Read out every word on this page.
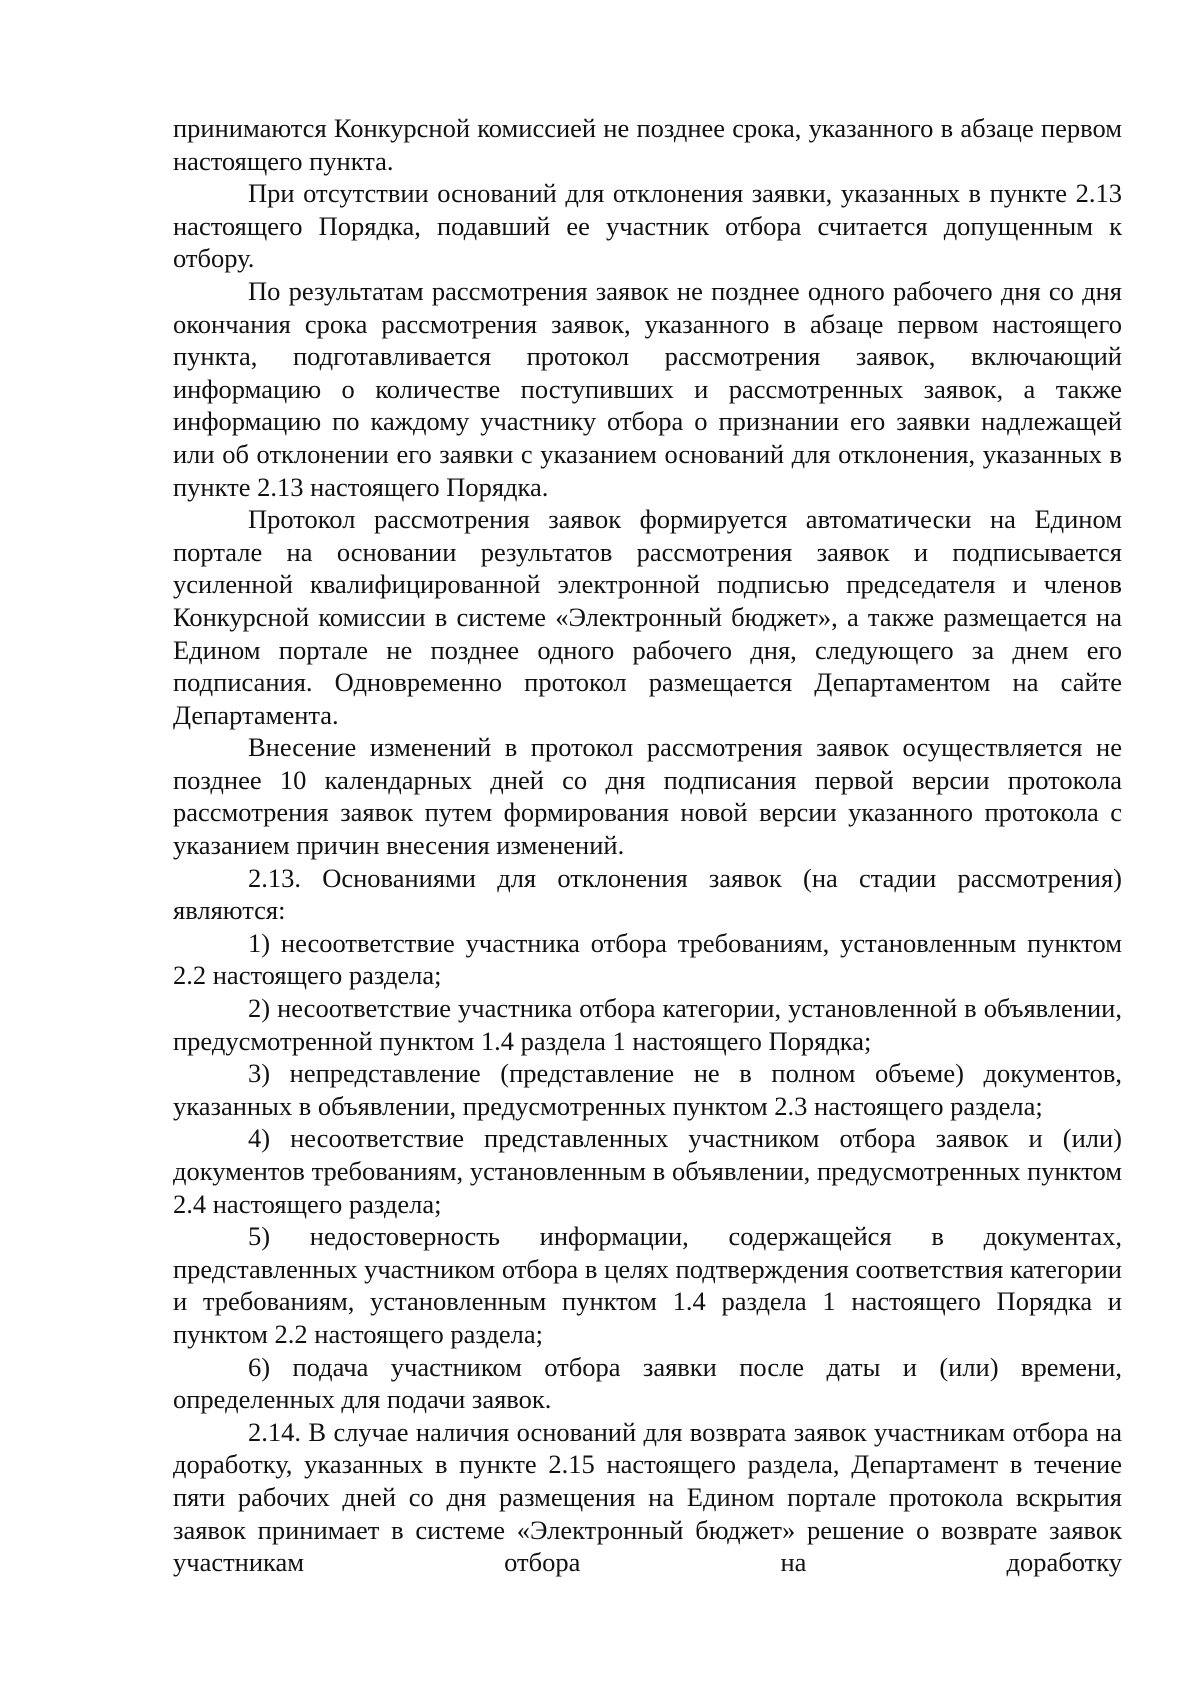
принимаются Конкурсной комиссией не позднее срока, указанного в абзаце первом настоящего пункта.

При отсутствии оснований для отклонения заявки, указанных в пункте 2.13 настоящего Порядка, подавший ее участник отбора считается допущенным к отбору.

По результатам рассмотрения заявок не позднее одного рабочего дня со дня окончания срока рассмотрения заявок, указанного в абзаце первом настоящего пункта, подготавливается протокол рассмотрения заявок, включающий информацию о количестве поступивших и рассмотренных заявок, а также информацию по каждому участнику отбора о признании его заявки надлежащей или об отклонении его заявки с указанием оснований для отклонения, указанных в пункте 2.13 настоящего Порядка.

Протокол рассмотрения заявок формируется автоматически на Едином портале на основании результатов рассмотрения заявок и подписывается усиленной квалифицированной электронной подписью председателя и членов Конкурсной комиссии в системе «Электронный бюджет», а также размещается на Едином портале не позднее одного рабочего дня, следующего за днем его подписания. Одновременно протокол размещается Департаментом на сайте Департамента.

Внесение изменений в протокол рассмотрения заявок осуществляется не позднее 10 календарных дней со дня подписания первой версии протокола рассмотрения заявок путем формирования новой версии указанного протокола с указанием причин внесения изменений.

2.13. Основаниями для отклонения заявок (на стадии рассмотрения) являются:

1) несоответствие участника отбора требованиям, установленным пунктом 2.2 настоящего раздела;

2) несоответствие участника отбора категории, установленной в объявлении, предусмотренной пунктом 1.4 раздела 1 настоящего Порядка;

3) непредставление (представление не в полном объеме) документов, указанных в объявлении, предусмотренных пунктом 2.3 настоящего раздела;

4) несоответствие представленных участником отбора заявок и (или) документов требованиям, установленным в объявлении, предусмотренных пунктом 2.4 настоящего раздела;

5) недостоверность информации, содержащейся в документах, представленных участником отбора в целях подтверждения соответствия категории и требованиям, установленным пунктом 1.4 раздела 1 настоящего Порядка и пунктом 2.2 настоящего раздела;

6) подача участником отбора заявки после даты и (или) времени, определенных для подачи заявок.

2.14. В случае наличия оснований для возврата заявок участникам отбора на доработку, указанных в пункте 2.15 настоящего раздела, Департамент в течение пяти рабочих дней со дня размещения на Едином портале протокола вскрытия заявок принимает в системе «Электронный бюджет» решение о возврате заявок участникам отбора на доработку
